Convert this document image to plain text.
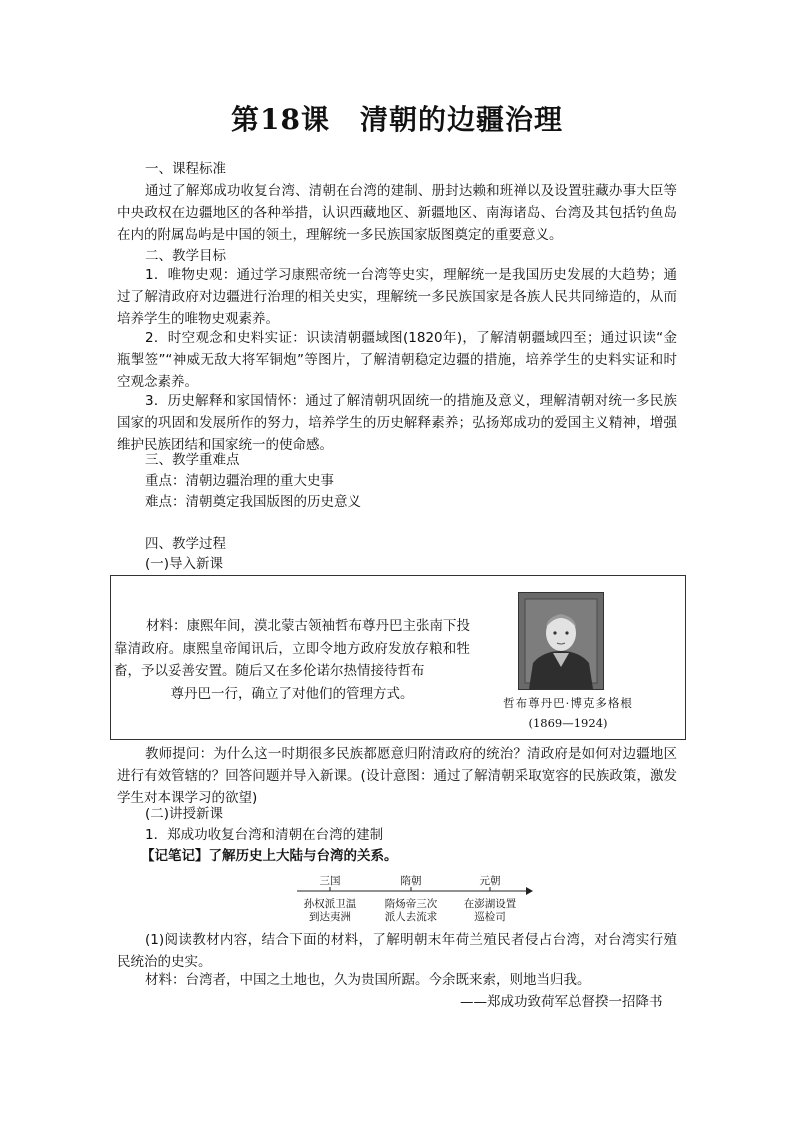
第18课 清朝的边疆治理
一、课程标准
通过了解郑成功收复台湾、清朝在台湾的建制、册封达赖和班禅以及设置驻藏办事大臣等中央政权在边疆地区的各种举措，认识西藏地区、新疆地区、南海诸岛、台湾及其包括钓鱼岛在内的附属岛屿是中国的领土，理解统一多民族国家版图奠定的重要意义。
二、教学目标
1．唯物史观：通过学习康熙帝统一台湾等史实，理解统一是我国历史发展的大趋势；通过了解清政府对边疆进行治理的相关史实，理解统一多民族国家是各族人民共同缔造的，从而培养学生的唯物史观素养。
2．时空观念和史料实证：识读清朝疆域图(1820年)，了解清朝疆域四至；通过识读“金瓶掣签”“神威无敌大将军铜炮”等图片，了解清朝稳定边疆的措施，培养学生的史料实证和时空观念素养。
3．历史解释和家国情怀：通过了解清朝巩固统一的措施及意义，理解清朝对统一多民族国家的巩固和发展所作的努力，培养学生的历史解释素养；弘扬郑成功的爱国主义精神，增强维护民族团结和国家统一的使命感。
三、教学重难点
重点：清朝边疆治理的重大史事
难点：清朝奠定我国版图的历史意义
四、教学过程
(一)导入新课
材料：康熙年间，漠北蒙古领袖哲布尊丹巴主张南下投靠清政府。康熙皇帝闻讯后，立即令地方政府发放存粮和牲畜，予以妥善安置。随后又在多伦诺尔热情接待哲布
尊丹巴一行，确立了对他们的管理方式。
哲布尊丹巴·博克多格根
(1869—1924)
教师提问：为什么这一时期很多民族都愿意归附清政府的统治？清政府是如何对边疆地区进行有效管辖的？回答问题并导入新课。(设计意图：通过了解清朝采取宽容的民族政策，激发学生对本课学习的欲望)
(二)讲授新课
1．郑成功收复台湾和清朝在台湾的建制
【记笔记】了解历史上大陆与台湾的关系。
三国	隋朝	元朝
孙权派卫温
到达夷洲
隋炀帝三次
派人去流求
在澎湖设置
巡检司
(1)阅读教材内容，结合下面的材料，了解明朝末年荷兰殖民者侵占台湾，对台湾实行殖民统治的史实。
材料：台湾者，中国之土地也，久为贵国所踞。今余既来索，则地当归我。
——郑成功致荷军总督揆一招降书
